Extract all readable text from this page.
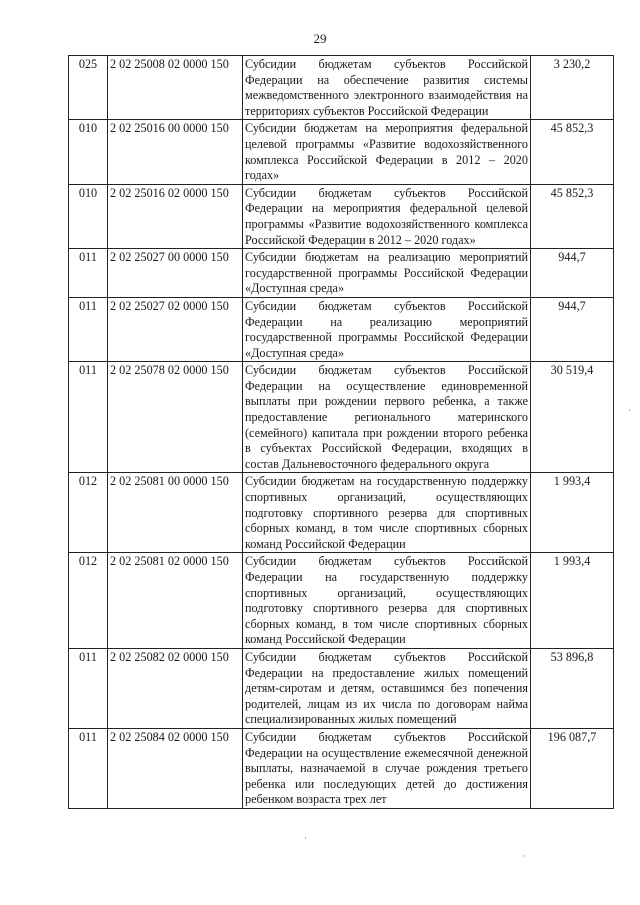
29
025	2 02 25008 02 0000 150	Субсидии бюджетам субъектов Российской Федерации на обеспечение развития системы межведомственного электронного взаимодействия на территориях субъектов Российской Федерации	3 230,2
010	2 02 25016 00 0000 150	Субсидии бюджетам на мероприятия федеральной целевой программы «Развитие водохозяйственного комплекса Российской Федерации в 2012 – 2020 годах»	45 852,3
010	2 02 25016 02 0000 150	Субсидии бюджетам субъектов Российской Федерации на мероприятия федеральной целевой программы «Развитие водохозяйственного комплекса Российской Федерации в 2012 – 2020 годах»	45 852,3
011	2 02 25027 00 0000 150	Субсидии бюджетам на реализацию мероприятий государственной программы Российской Федерации «Доступная среда»	944,7
011	2 02 25027 02 0000 150	Субсидии бюджетам субъектов Российской Федерации на реализацию мероприятий государственной программы Российской Федерации «Доступная среда»	944,7
011	2 02 25078 02 0000 150	Субсидии бюджетам субъектов Российской Федерации на осуществление единовременной выплаты при рождении первого ребенка, а также предоставление регионального материнского (семейного) капитала при рождении второго ребенка в субъектах Российской Федерации, входящих в состав Дальневосточного федерального округа	30 519,4
012	2 02 25081 00 0000 150	Субсидии бюджетам на государственную поддержку спортивных организаций, осуществляющих подготовку спортивного резерва для спортивных сборных команд, в том числе спортивных сборных команд Российской Федерации	1 993,4
012	2 02 25081 02 0000 150	Субсидии бюджетам субъектов Российской Федерации на государственную поддержку спортивных организаций, осуществляющих подготовку спортивного резерва для спортивных сборных команд, в том числе спортивных сборных команд Российской Федерации	1 993,4
011	2 02 25082 02 0000 150	Субсидии бюджетам субъектов Российской Федерации на предоставление жилых помещений детям-сиротам и детям, оставшимся без попечения родителей, лицам из их числа по договорам найма специализированных жилых помещений	53 896,8
011	2 02 25084 02 0000 150	Субсидии бюджетам субъектов Российской Федерации на осуществление ежемесячной денежной выплаты, назначаемой в случае рождения третьего ребенка или последующих детей до достижения ребенком возраста трех лет	196 087,7
·
·
·
